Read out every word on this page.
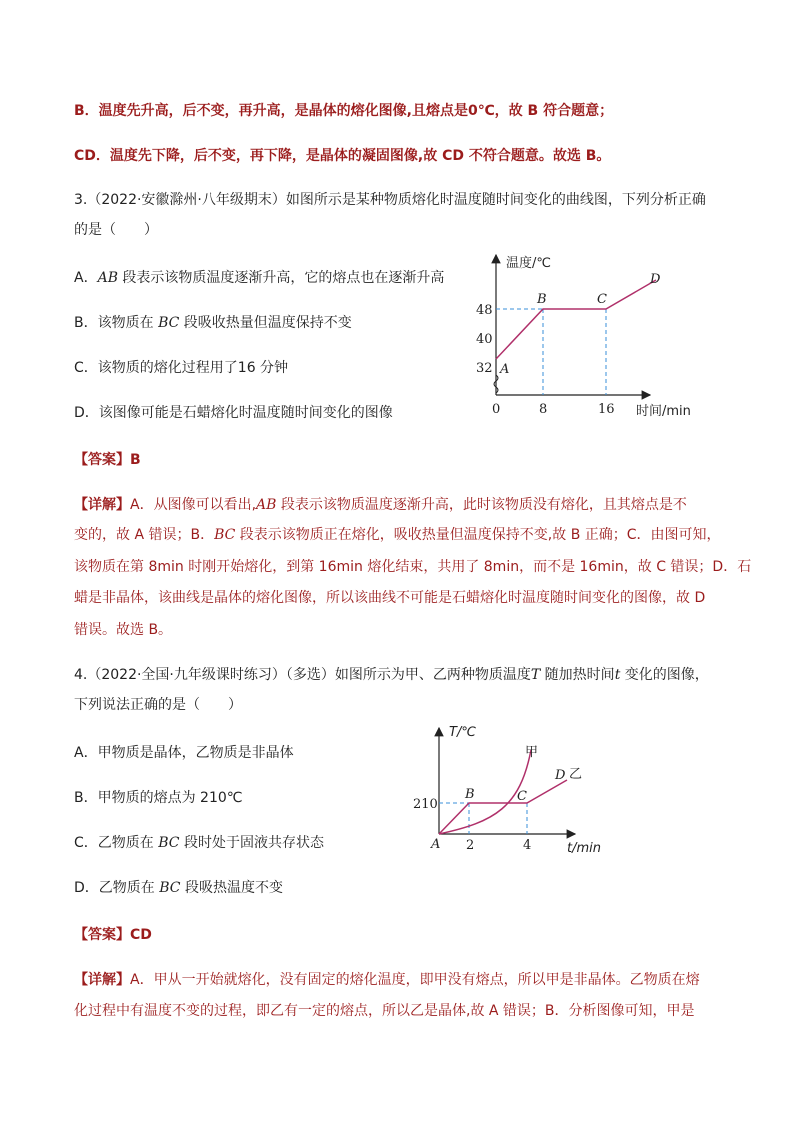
B．温度先升高，后不变，再升高，是晶体的熔化图像,且熔点是0℃，故 B 符合题意；
CD．温度先下降，后不变，再下降，是晶体的凝固图像,故 CD 不符合题意。故选 B。
3.（2022·安徽滁州·八年级期末）如图所示是某种物质熔化时温度随时间变化的曲线图，下列分析正确
的是（　　）
A．AB 段表示该物质温度逐渐升高，它的熔点也在逐渐升高
B．该物质在 BC 段吸收热量但温度保持不变
C．该物质的熔化过程用了16 分钟
D．该图像可能是石蜡熔化时温度随时间变化的图像
温度/℃
时间/min
0
48
40
32
8	16
A
B	C
D
【答案】B
【详解】A．从图像可以看出,AB 段表示该物质温度逐渐升高，此时该物质没有熔化，且其熔点是不
变的，故 A 错误；B．BC 段表示该物质正在熔化，吸收热量但温度保持不变,故 B 正确；C．由图可知，
该物质在第 8min 时刚开始熔化，到第 16min 熔化结束，共用了 8min，而不是 16min，故 C 错误；D．石
蜡是非晶体，该曲线是晶体的熔化图像，所以该曲线不可能是石蜡熔化时温度随时间变化的图像，故 D
错误。故选 B。
4.（2022·全国·九年级课时练习）（多选）如图所示为甲、乙两种物质温度T 随加热时间t 变化的图像，
下列说法正确的是（　　）
A．甲物质是晶体，乙物质是非晶体
B．甲物质的熔点为 210℃
C．乙物质在 BC 段时处于固液共存状态
D．乙物质在 BC 段吸热温度不变
T/℃
t/min
210
2	4
A
B	C
D
甲
乙
【答案】CD
【详解】A．甲从一开始就熔化，没有固定的熔化温度，即甲没有熔点，所以甲是非晶体。乙物质在熔
化过程中有温度不变的过程，即乙有一定的熔点，所以乙是晶体,故 A 错误；B．分析图像可知，甲是
